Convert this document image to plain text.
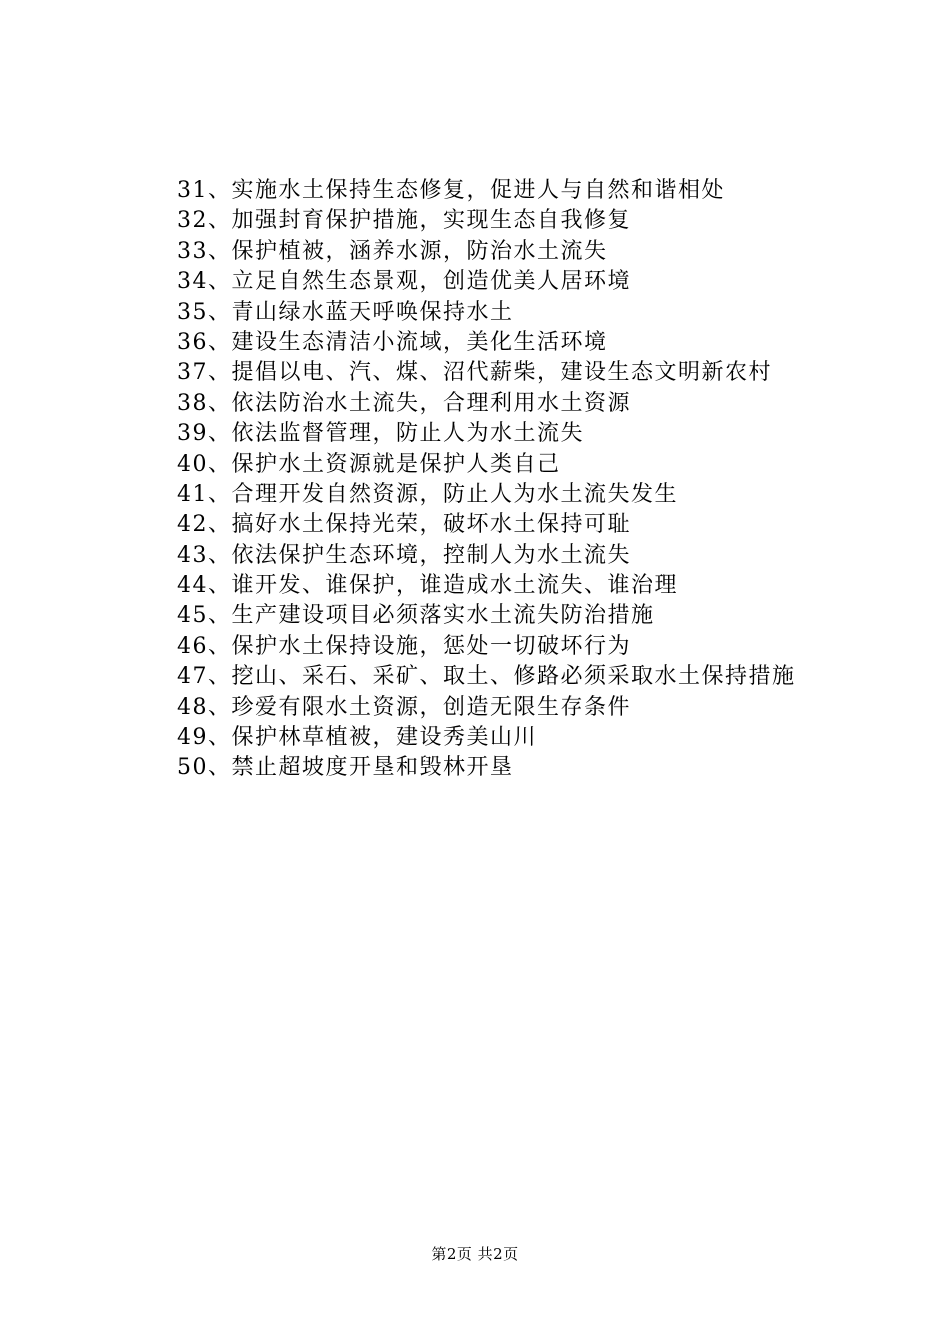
31、实施水土保持生态修复，促进人与自然和谐相处
32、加强封育保护措施，实现生态自我修复
33、保护植被，涵养水源，防治水土流失
34、立足自然生态景观，创造优美人居环境
35、青山绿水蓝天呼唤保持水土
36、建设生态清洁小流域，美化生活环境
37、提倡以电、汽、煤、沼代薪柴，建设生态文明新农村
38、依法防治水土流失，合理利用水土资源
39、依法监督管理，防止人为水土流失
40、保护水土资源就是保护人类自己
41、合理开发自然资源，防止人为水土流失发生
42、搞好水土保持光荣，破坏水土保持可耻
43、依法保护生态环境，控制人为水土流失
44、谁开发、谁保护，谁造成水土流失、谁治理
45、生产建设项目必须落实水土流失防治措施
46、保护水土保持设施，惩处一切破坏行为
47、挖山、采石、采矿、取土、修路必须采取水土保持措施
48、珍爱有限水土资源，创造无限生存条件
49、保护林草植被，建设秀美山川
50、禁止超坡度开垦和毁林开垦
第2页 共2页
